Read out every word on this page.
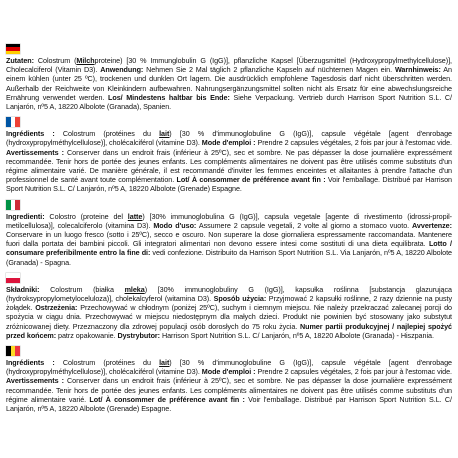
Zutaten: Colostrum (Milchproteine) [30 % Immunglobulin G (IgG)], pflanzliche Kapsel [Überzugsmittel (Hydroxypropylmethylcellulose)], Cholecalciferol (Vitamin D3). Anwendung: Nehmen Sie 2 Mal täglich 2 pflanzliche Kapseln auf nüchternen Magen ein. Warnhinweis: An einem kühlen (unter 25 ºC), trockenen und dunklen Ort lagern. Die ausdrücklich empfohlene Tagesdosis darf nicht überschritten werden. Außerhalb der Reichweite von Kleinkindern aufbewahren. Nahrungsergänzungsmittel sollten nicht als Ersatz für eine abwechslungsreiche Ernährung verwendet werden. Los/ Mindestens haltbar bis Ende: Siehe Verpackung. Vertrieb durch Harrison Sport Nutrition S.L. C/ Lanjarón, nº5 A, 18220 Albolote (Granada), Spanien.

Ingrédients : Colostrum (protéines du lait) [30 % d'immunoglobuline G (IgG)], capsule végétale [agent d'enrobage (hydroxypropylméthylcellulose)], cholécalciférol (vitamine D3). Mode d'emploi : Prendre 2 capsules végétales, 2 fois par jour à l'estomac vide. Avertissements : Conserver dans un endroit frais (inférieur à 25ºC), sec et sombre. Ne pas dépasser la dose journalière expressément recommandée. Tenir hors de portée des jeunes enfants. Les compléments alimentaires ne doivent pas être utilisés comme substituts d'un régime alimentaire varié. De manière générale, il est recommandé d'inviter les femmes enceintes et allaitantes à prendre l'attache d'un professionnel de santé avant toute complémentation. Lot/ À consommer de préférence avant fin : Voir l'emballage. Distribué par Harrison Sport Nutrition S.L. C/ Lanjarón, nº5 A, 18220 Albolote (Grenade) Espagne.

Ingredienti: Colostro (proteine del latte) [30% immunoglobulina G (IgG)], capsula vegetale [agente di rivestimento (idrossi-propil-metilcellulosa)], colecalciferolo (vitamina D3). Modo d'uso: Assumere 2 capsule vegetali, 2 volte al giorno a stomaco vuoto. Avvertenze: Conservare in un luogo fresco (sotto i 25ºC), secco e oscuro. Non superare la dose giornaliera espressamente raccomandata. Mantenere fuori dalla portata dei bambini piccoli. Gli integratori alimentari non devono essere intesi come sostituti di una dieta equilibrata. Lotto / consumare preferibilmente entro la fine di: vedi confezione. Distribuito da Harrison Sport Nutrition S.L. Via Lanjarón, nº5 A, 18220 Albolote (Granada) - Spagna.

Składniki: Colostrum (białka mleka) [30% immunoglobuliny G (IgG)], kapsułka roślinna [substancja glazurująca (hydroksypropylometyloceluloza)], cholekalcyferol (witamina D3). Sposób użycia: Przyjmować 2 kapsułki roślinne, 2 razy dziennie na pusty żołądek. Ostrzeżenia: Przechowywać w chłodnym (poniżej 25ºC), suchym i ciemnym miejscu. Nie należy przekraczać zalecanej porcji do spożycia w ciągu dnia. Przechowywać w miejscu niedostępnym dla małych dzieci. Produkt nie powinien być stosowany jako substytut zróżnicowanej diety. Przeznaczony dla zdrowej populacji osób dorosłych do 75 roku życia. Numer partii produkcyjnej / najlepiej spożyć przed końcem: patrz opakowanie. Dystrybutor: Harrison Sport Nutrition S.L. C/ Lanjarón, nº5 A, 18220 Albolote (Granada) - Hiszpania.

Ingrédients : Colostrum (protéines du lait) [30 % d'immunoglobuline G (IgG)], capsule végétale [agent d'enrobage (hydroxypropylméthylcellulose)], cholécalciférol (vitamine D3). Mode d'emploi : Prendre 2 capsules végétales, 2 fois par jour à l'estomac vide. Avertissements : Conserver dans un endroit frais (inférieur à 25ºC), sec et sombre. Ne pas dépasser la dose journalière expressément recommandée. Tenir hors de portée des jeunes enfants. Les compléments alimentaires ne doivent pas être utilisés comme substituts d'un régime alimentaire varié. Lot/ À consommer de préférence avant fin : Voir l'emballage. Distribué par Harrison Sport Nutrition S.L. C/ Lanjarón, nº5 A, 18220 Albolote (Grenade) Espagne.
